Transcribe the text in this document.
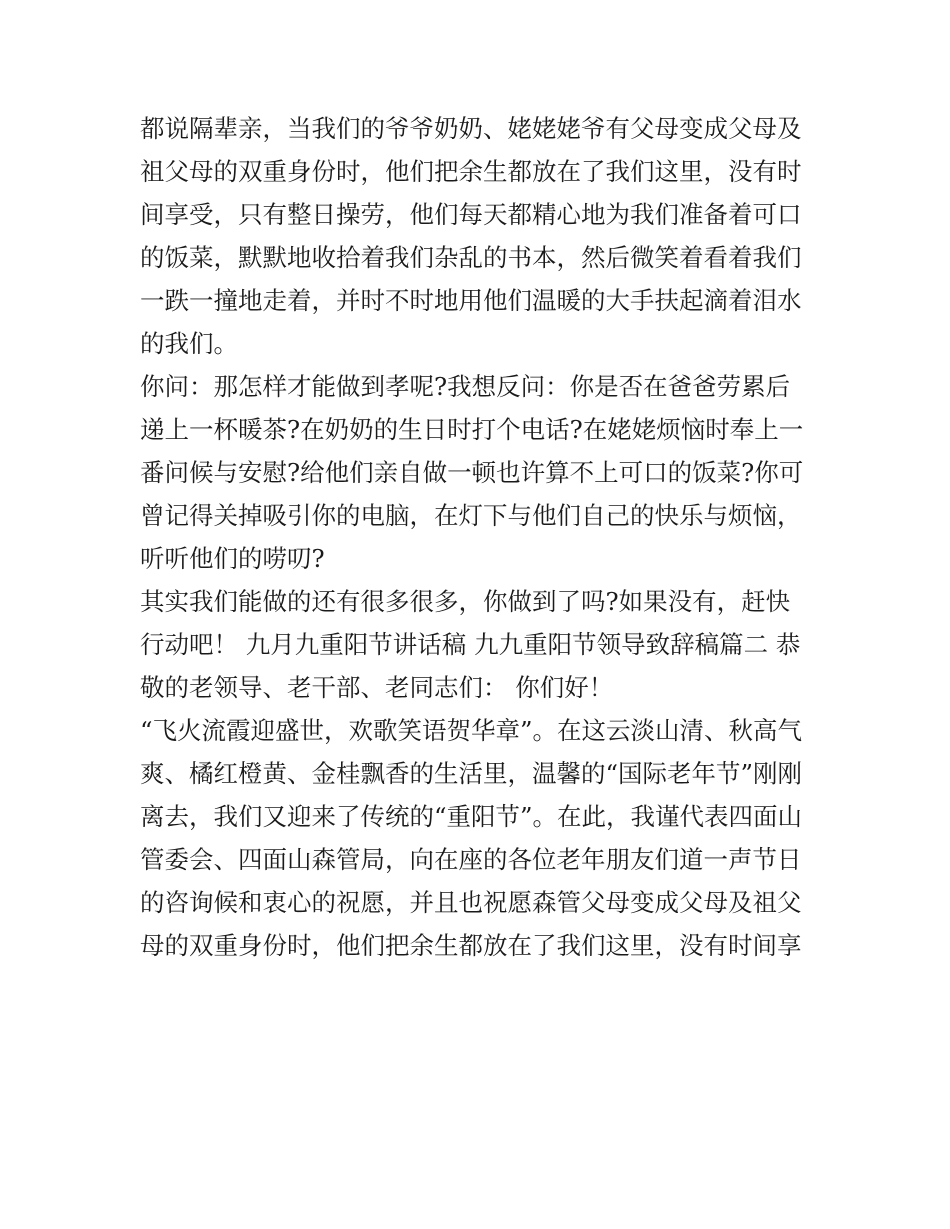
都说隔辈亲，当我们的爷爷奶奶、姥姥姥爷有父母变成父母及
祖父母的双重身份时，他们把余生都放在了我们这里，没有时
间享受，只有整日操劳，他们每天都精心地为我们准备着可口
的饭菜，默默地收拾着我们杂乱的书本，然后微笑着看着我们
一跌一撞地走着，并时不时地用他们温暖的大手扶起滴着泪水
的我们。

你问：那怎样才能做到孝呢?我想反问：你是否在爸爸劳累后
递上一杯暖茶?在奶奶的生日时打个电话?在姥姥烦恼时奉上一
番问候与安慰?给他们亲自做一顿也许算不上可口的饭菜?你可
曾记得关掉吸引你的电脑，在灯下与他们自己的快乐与烦恼，
听听他们的唠叨?

其实我们能做的还有很多很多，你做到了吗?如果没有，赶快
行动吧！ 九月九重阳节讲话稿 九九重阳节领导致辞稿篇二 恭
敬的老领导、老干部、老同志们： 你们好！

“飞火流霞迎盛世，欢歌笑语贺华章”。在这云淡山清、秋高气
爽、橘红橙黄、金桂飘香的生活里，温馨的“国际老年节”刚刚
离去，我们又迎来了传统的“重阳节”。在此，我谨代表四面山
管委会、四面山森管局，向在座的各位老年朋友们道一声节日
的咨询候和衷心的祝愿，并且也祝愿森管父母变成父母及祖父
母的双重身份时，他们把余生都放在了我们这里，没有时间享
